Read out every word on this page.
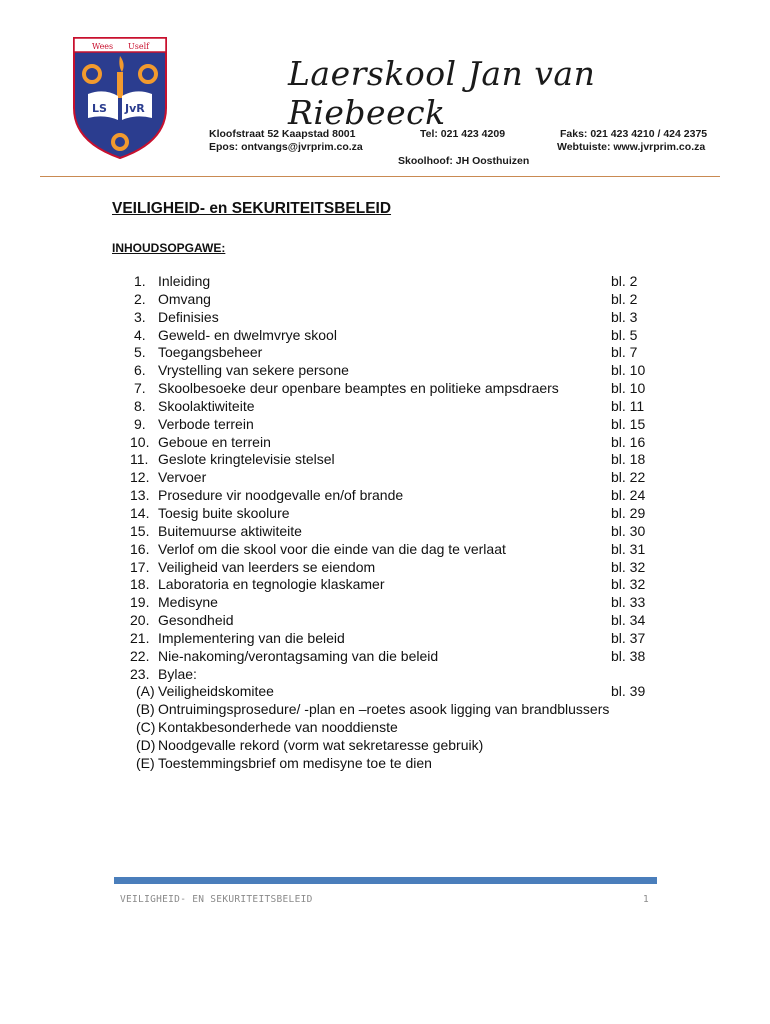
Wees Uself
LS JvR
Laerskool Jan van Riebeeck
Kloofstraat 52 Kaapstad 8001
Epos: ontvangs@jvrprim.co.za
Tel: 021 423 4209	Faks: 021 423 4210 / 424 2375
Webtuiste: www.jvrprim.co.za
Skoolhoof: JH Oosthuizen
VEILIGHEID- en SEKURITEITSBELEID
INHOUDSOPGAWE:
1. Inleiding	bl. 2
2. Omvang	bl. 2
3. Definisies	bl. 3
4. Geweld- en dwelmvrye skool	bl. 5
5. Toegangsbeheer	bl. 7
6. Vrystelling van sekere persone	bl. 10
7. Skoolbesoeke deur openbare beamptes en politieke ampsdraers	bl. 10
8. Skoolaktiwiteite	bl. 11
9. Verbode terrein	bl. 15
10. Geboue en terrein	bl. 16
11. Geslote kringtelevisie stelsel	bl. 18
12. Vervoer	bl. 22
13. Prosedure vir noodgevalle en/of brande	bl. 24
14. Toesig buite skoolure	bl. 29
15. Buitemuurse aktiwiteite	bl. 30
16. Verlof om die skool voor die einde van die dag te verlaat	bl. 31
17. Veiligheid van leerders se eiendom	bl. 32
18. Laboratoria en tegnologie klaskamer	bl. 32
19. Medisyne	bl. 33
20. Gesondheid	bl. 34
21. Implementering van die beleid	bl. 37
22. Nie-nakoming/verontagsaming van die beleid	bl. 38
23. Bylae:
(A) Veiligheidskomitee	bl. 39
(B) Ontruimingsprosedure/ -plan en –roetes asook ligging van brandblussers
(C) Kontakbesonderhede van nooddienste
(D) Noodgevalle rekord (vorm wat sekretaresse gebruik)
(E) Toestemmingsbrief om medisyne toe te dien
VEILIGHEID- EN SEKURITEITSBELEID	1
